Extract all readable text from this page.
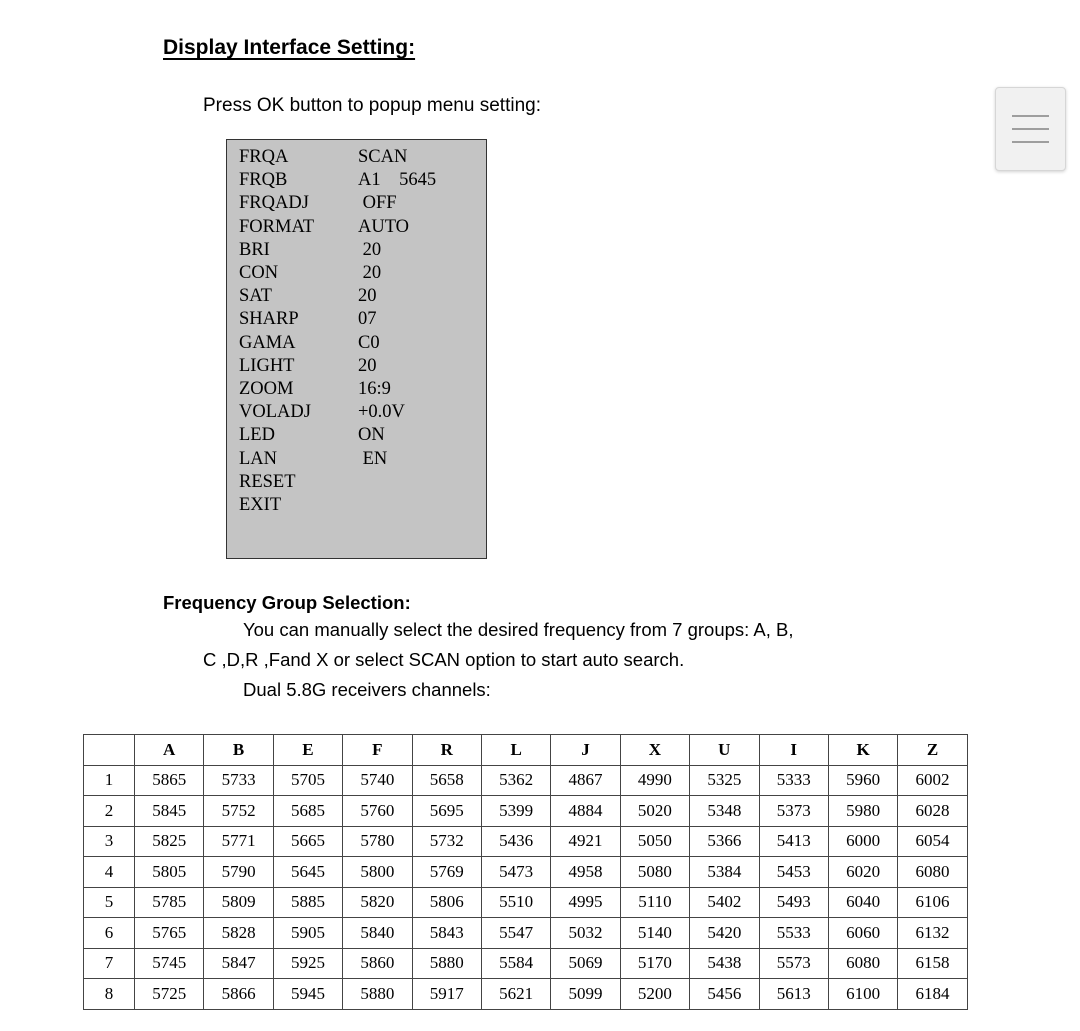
Display Interface Setting:
Press OK button to popup menu setting:
FRQA	SCAN
FRQB	A1    5645
FRQADJ	OFF
FORMAT AUTO
BRI	20
CON	20
SAT	20
SHARP	07
GAMA	C0
LIGHT	20
ZOOM	16:9
VOLADJ	+0.0V
LED	ON
LAN	EN
RESET
EXIT
Frequency Group Selection:
You can manually select the desired frequency from 7 groups: A, B,
C ,D,R ,Fand X or select SCAN option to start auto search.
Dual 5.8G receivers channels:
	A	B	E	F	R	L	J	X	U	I	K	Z
1	5865	5733	5705	5740	5658	5362	4867	4990	5325	5333	5960	6002
2	5845	5752	5685	5760	5695	5399	4884	5020	5348	5373	5980	6028
3	5825	5771	5665	5780	5732	5436	4921	5050	5366	5413	6000	6054
4	5805	5790	5645	5800	5769	5473	4958	5080	5384	5453	6020	6080
5	5785	5809	5885	5820	5806	5510	4995	5110	5402	5493	6040	6106
6	5765	5828	5905	5840	5843	5547	5032	5140	5420	5533	6060	6132
7	5745	5847	5925	5860	5880	5584	5069	5170	5438	5573	6080	6158
8	5725	5866	5945	5880	5917	5621	5099	5200	5456	5613	6100	6184
